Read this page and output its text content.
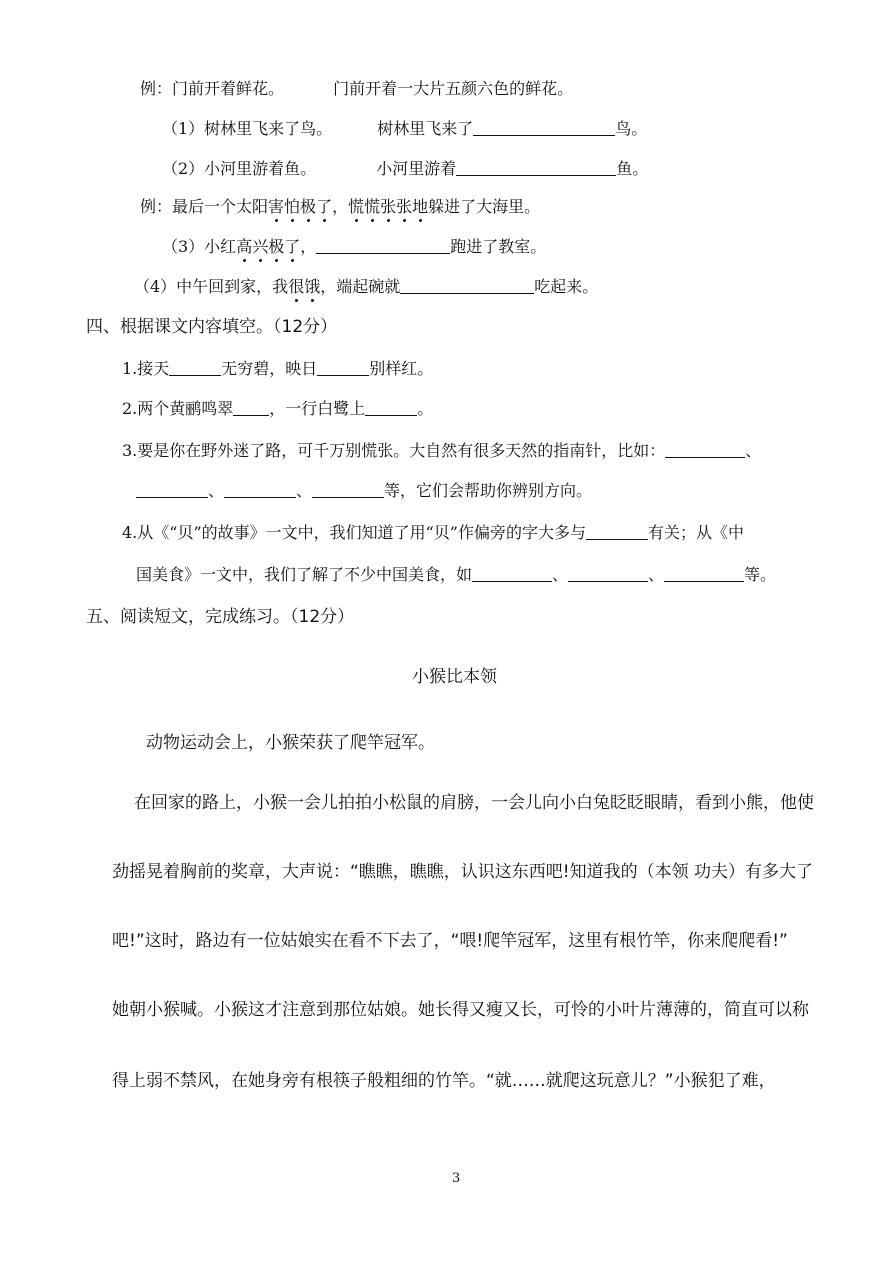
例：门前开着鲜花。	门前开着一大片五颜六色的鲜花。
（1）树林里飞来了鸟。	树林里飞来了	鸟。
（2）小河里游着鱼。	小河里游着	鱼。
例：最后一个太阳害怕极了，慌慌张张地躲进了大海里。
（3）小红高兴极了，	跑进了教室。
（4）中午回到家，我很饿，端起碗就	吃起来。
四、根据课文内容填空。（12分）
1.接天	无穷碧，映日	别样红。
2.两个黄鹂鸣翠 ，一行白鹭上	。
3.要是你在野外迷了路，可千万别慌张。大自然有很多天然的指南针，比如：	、
、	、	等，它们会帮助你辨别方向。
4.从《“贝”的故事》一文中，我们知道了用“贝”作偏旁的字大多与	有关；从《中
国美食》一文中，我们了解了不少中国美食，如	、	、	等。
五、阅读短文，完成练习。（12分）
小猴比本领
动物运动会上，小猴荣获了爬竿冠军。
在回家的路上，小猴一会儿拍拍小松鼠的肩膀，一会儿向小白兔眨眨眼睛，看到小熊，他使
劲摇晃着胸前的奖章，大声说：“瞧瞧，瞧瞧，认识这东西吧!知道我的（本领 功夫）有多大了
吧!”这时，路边有一位姑娘实在看不下去了，“喂!爬竿冠军，这里有根竹竿，你来爬爬看!”
她朝小猴喊。小猴这才注意到那位姑娘。她长得又瘦又长，可怜的小叶片薄薄的，简直可以称
得上弱不禁风，在她身旁有根筷子般粗细的竹竿。“就……就爬这玩意儿？”小猴犯了难，
3
